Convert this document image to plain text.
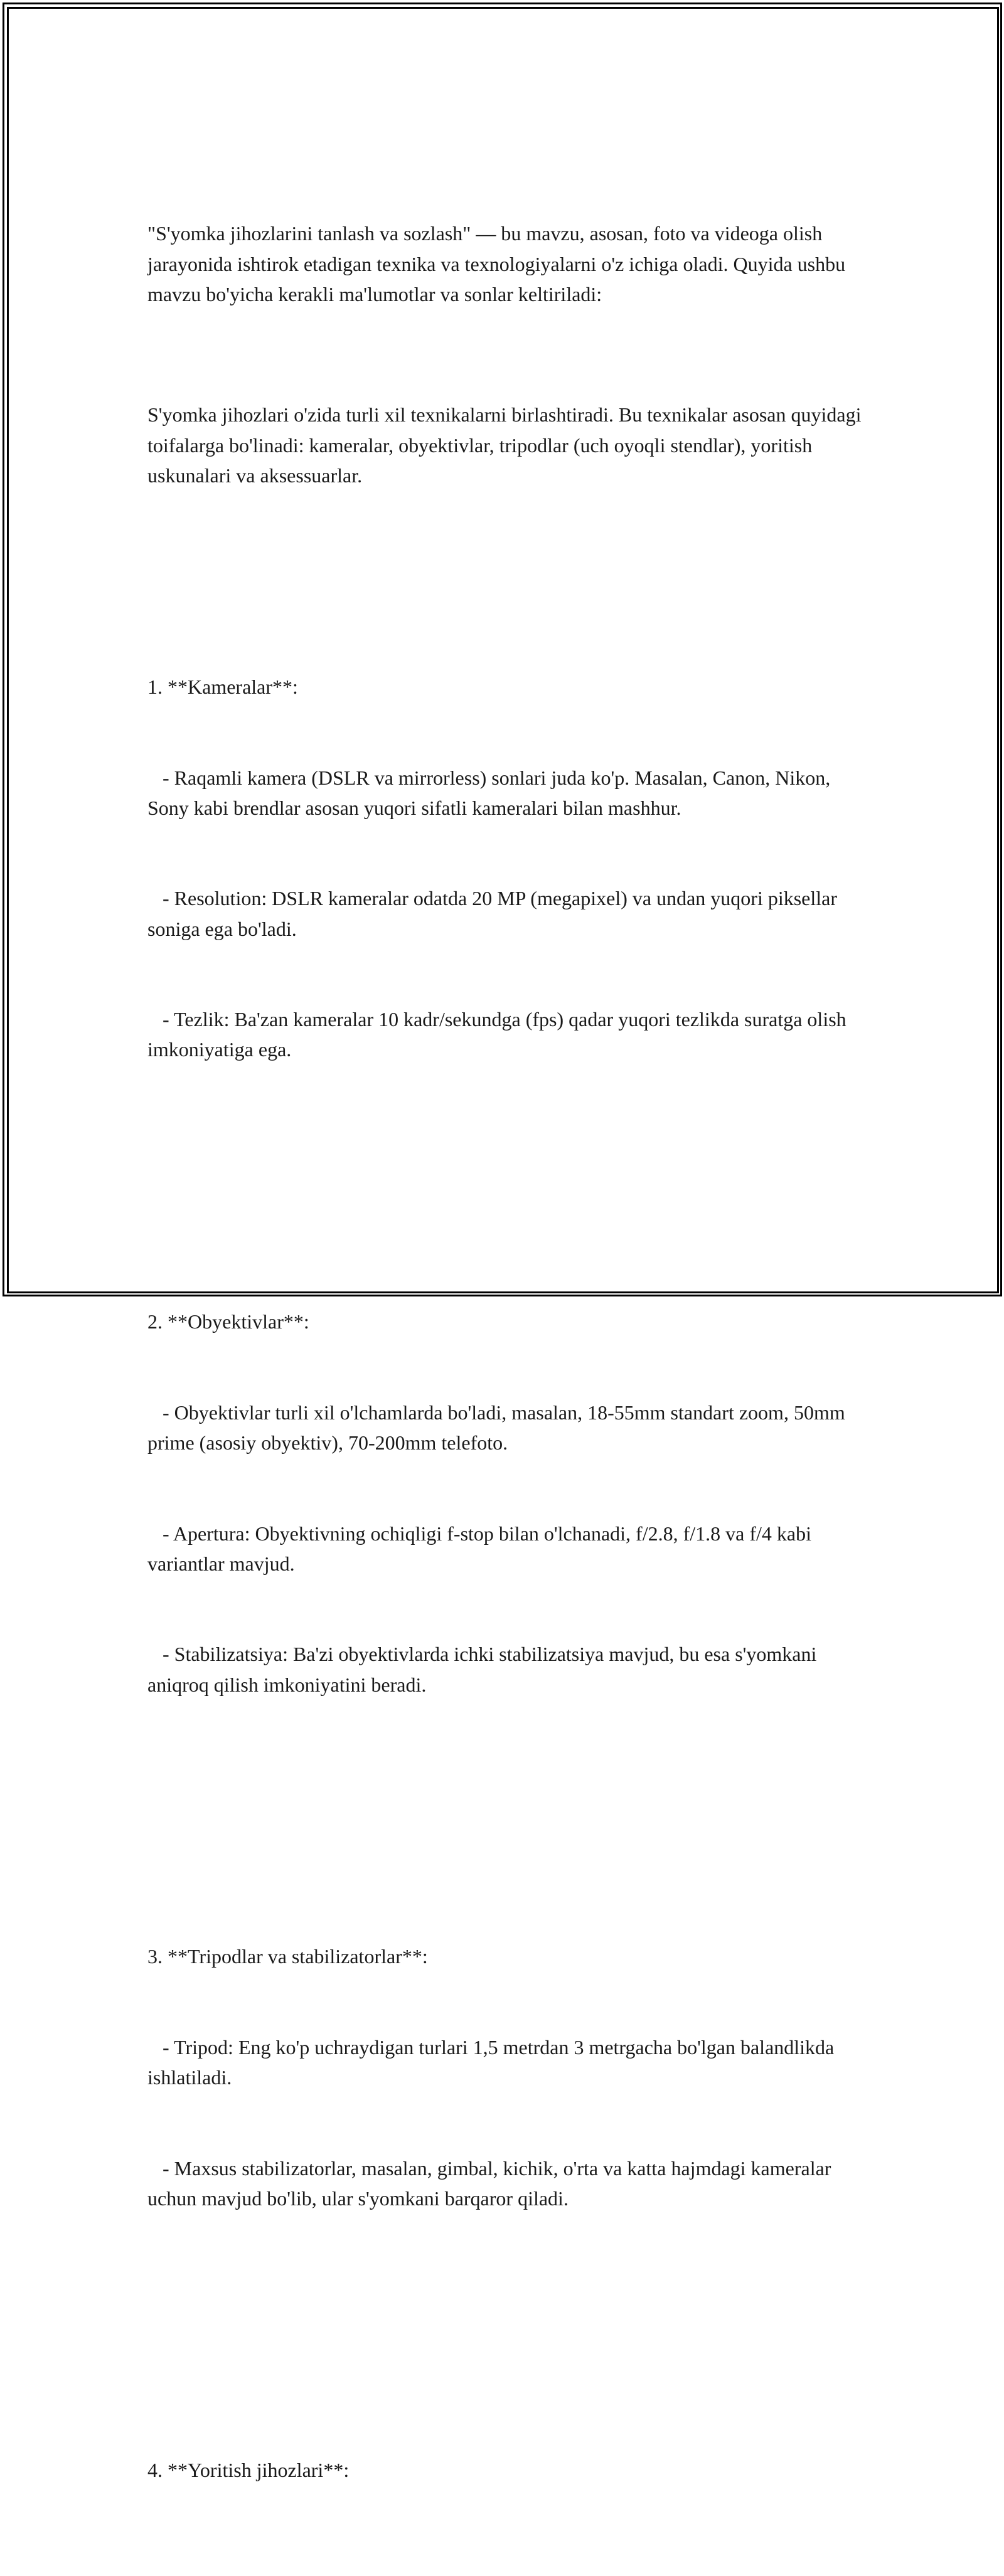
"S'yomka jihozlarini tanlash va sozlash" — bu mavzu, asosan, foto va videoga olish jarayonida ishtirok etadigan texnika va texnologiyalarni o'z ichiga oladi. Quyida ushbu mavzu bo'yicha kerakli ma'lumotlar va sonlar keltiriladi:

S'yomka jihozlari o'zida turli xil texnikalarni birlashtiradi. Bu texnikalar asosan quyidagi toifalarga bo'linadi: kameralar, obyektivlar, tripodlar (uch oyoqli stendlar), yoritish uskunalari va aksessuarlar.

1. **Kameralar**:

- Raqamli kamera (DSLR va mirrorless) sonlari juda ko'p. Masalan, Canon, Nikon, Sony kabi brendlar asosan yuqori sifatli kameralari bilan mashhur.

- Resolution: DSLR kameralar odatda 20 MP (megapixel) va undan yuqori piksellar soniga ega bo'ladi.

- Tezlik: Ba'zan kameralar 10 kadr/sekundga (fps) qadar yuqori tezlikda suratga olish imkoniyatiga ega.

2. **Obyektivlar**:

- Obyektivlar turli xil o'lchamlarda bo'ladi, masalan, 18-55mm standart zoom, 50mm prime (asosiy obyektiv), 70-200mm telefoto.

- Apertura: Obyektivning ochiqligi f-stop bilan o'lchanadi, f/2.8, f/1.8 va f/4 kabi variantlar mavjud.

- Stabilizatsiya: Ba'zi obyektivlarda ichki stabilizatsiya mavjud, bu esa s'yomkani aniqroq qilish imkoniyatini beradi.

3. **Tripodlar va stabilizatorlar**:

- Tripod: Eng ko'p uchraydigan turlari 1,5 metrdan 3 metrgacha bo'lgan balandlikda ishlatiladi.

- Maxsus stabilizatorlar, masalan, gimbal, kichik, o'rta va katta hajmdagi kameralar uchun mavjud bo'lib, ular s'yomkani barqaror qiladi.

4. **Yoritish jihozlari**:
